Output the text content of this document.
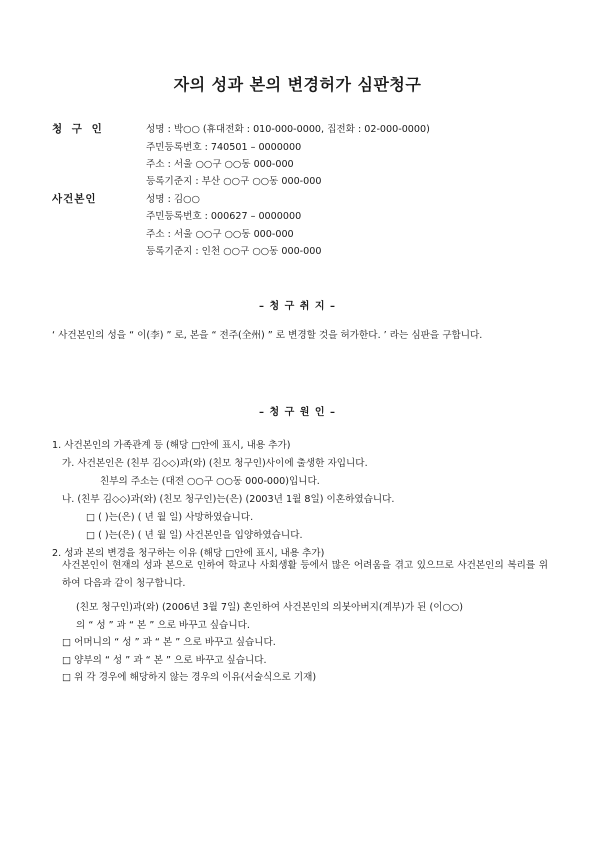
자의 성과 본의 변경허가 심판청구
청 구 인	성명 : 박○○ (휴대전화 : 010-000-0000, 집전화 : 02-000-0000)
주민등록번호 : 740501 – 0000000
주소 : 서울 ○○구 ○○동 000-000
등록기준지 : 부산 ○○구 ○○동 000-000
사건본인	성명 : 김○○
주민등록번호 : 000627 – 0000000
주소 : 서울 ○○구 ○○동 000-000
등록기준지 : 인천 ○○구 ○○동 000-000
– 청 구 취 지 –
‘ 사건본인의 성을 “ 이(李) ” 로, 본을 “ 전주(全州) ” 로 변경할 것을 허가한다. ’ 라는 심판을 구합니다.
– 청 구 원 인 –
1. 사건본인의 가족관계 등 (해당 □안에 표시, 내용 추가)
가. 사건본인은 (친부 김◇◇)과(와) (친모 청구인)사이에 출생한 자입니다.
친부의 주소는 (대전 ○○구 ○○동 000-000)입니다.
나. (친부 김◇◇)과(와) (친모 청구인)는(은) (2003년 1월 8일) 이혼하였습니다.
□ ( )는(은) ( 년 월 일) 사망하였습니다.
□ ( )는(은) ( 년 월 일) 사건본인을 입양하였습니다.
2. 성과 본의 변경을 청구하는 이유 (해당 □안에 표시, 내용 추가)
사건본인이 현재의 성과 본으로 인하여 학교나 사회생활 등에서 많은 어려움을 겪고 있으므로 사건본인의 복리를 위하여 다음과 같이 청구합니다.
(친모 청구인)과(와) (2006년 3월 7일) 혼인하여 사건본인의 의붓아버지(계부)가 된 (이○○)
의 “ 성 ” 과 “ 본 ” 으로 바꾸고 싶습니다.
□ 어머니의 “ 성 ” 과 “ 본 ” 으로 바꾸고 싶습니다.
□ 양부의 “ 성 ” 과 “ 본 ” 으로 바꾸고 싶습니다.
□ 위 각 경우에 해당하지 않는 경우의 이유(서술식으로 기재)
